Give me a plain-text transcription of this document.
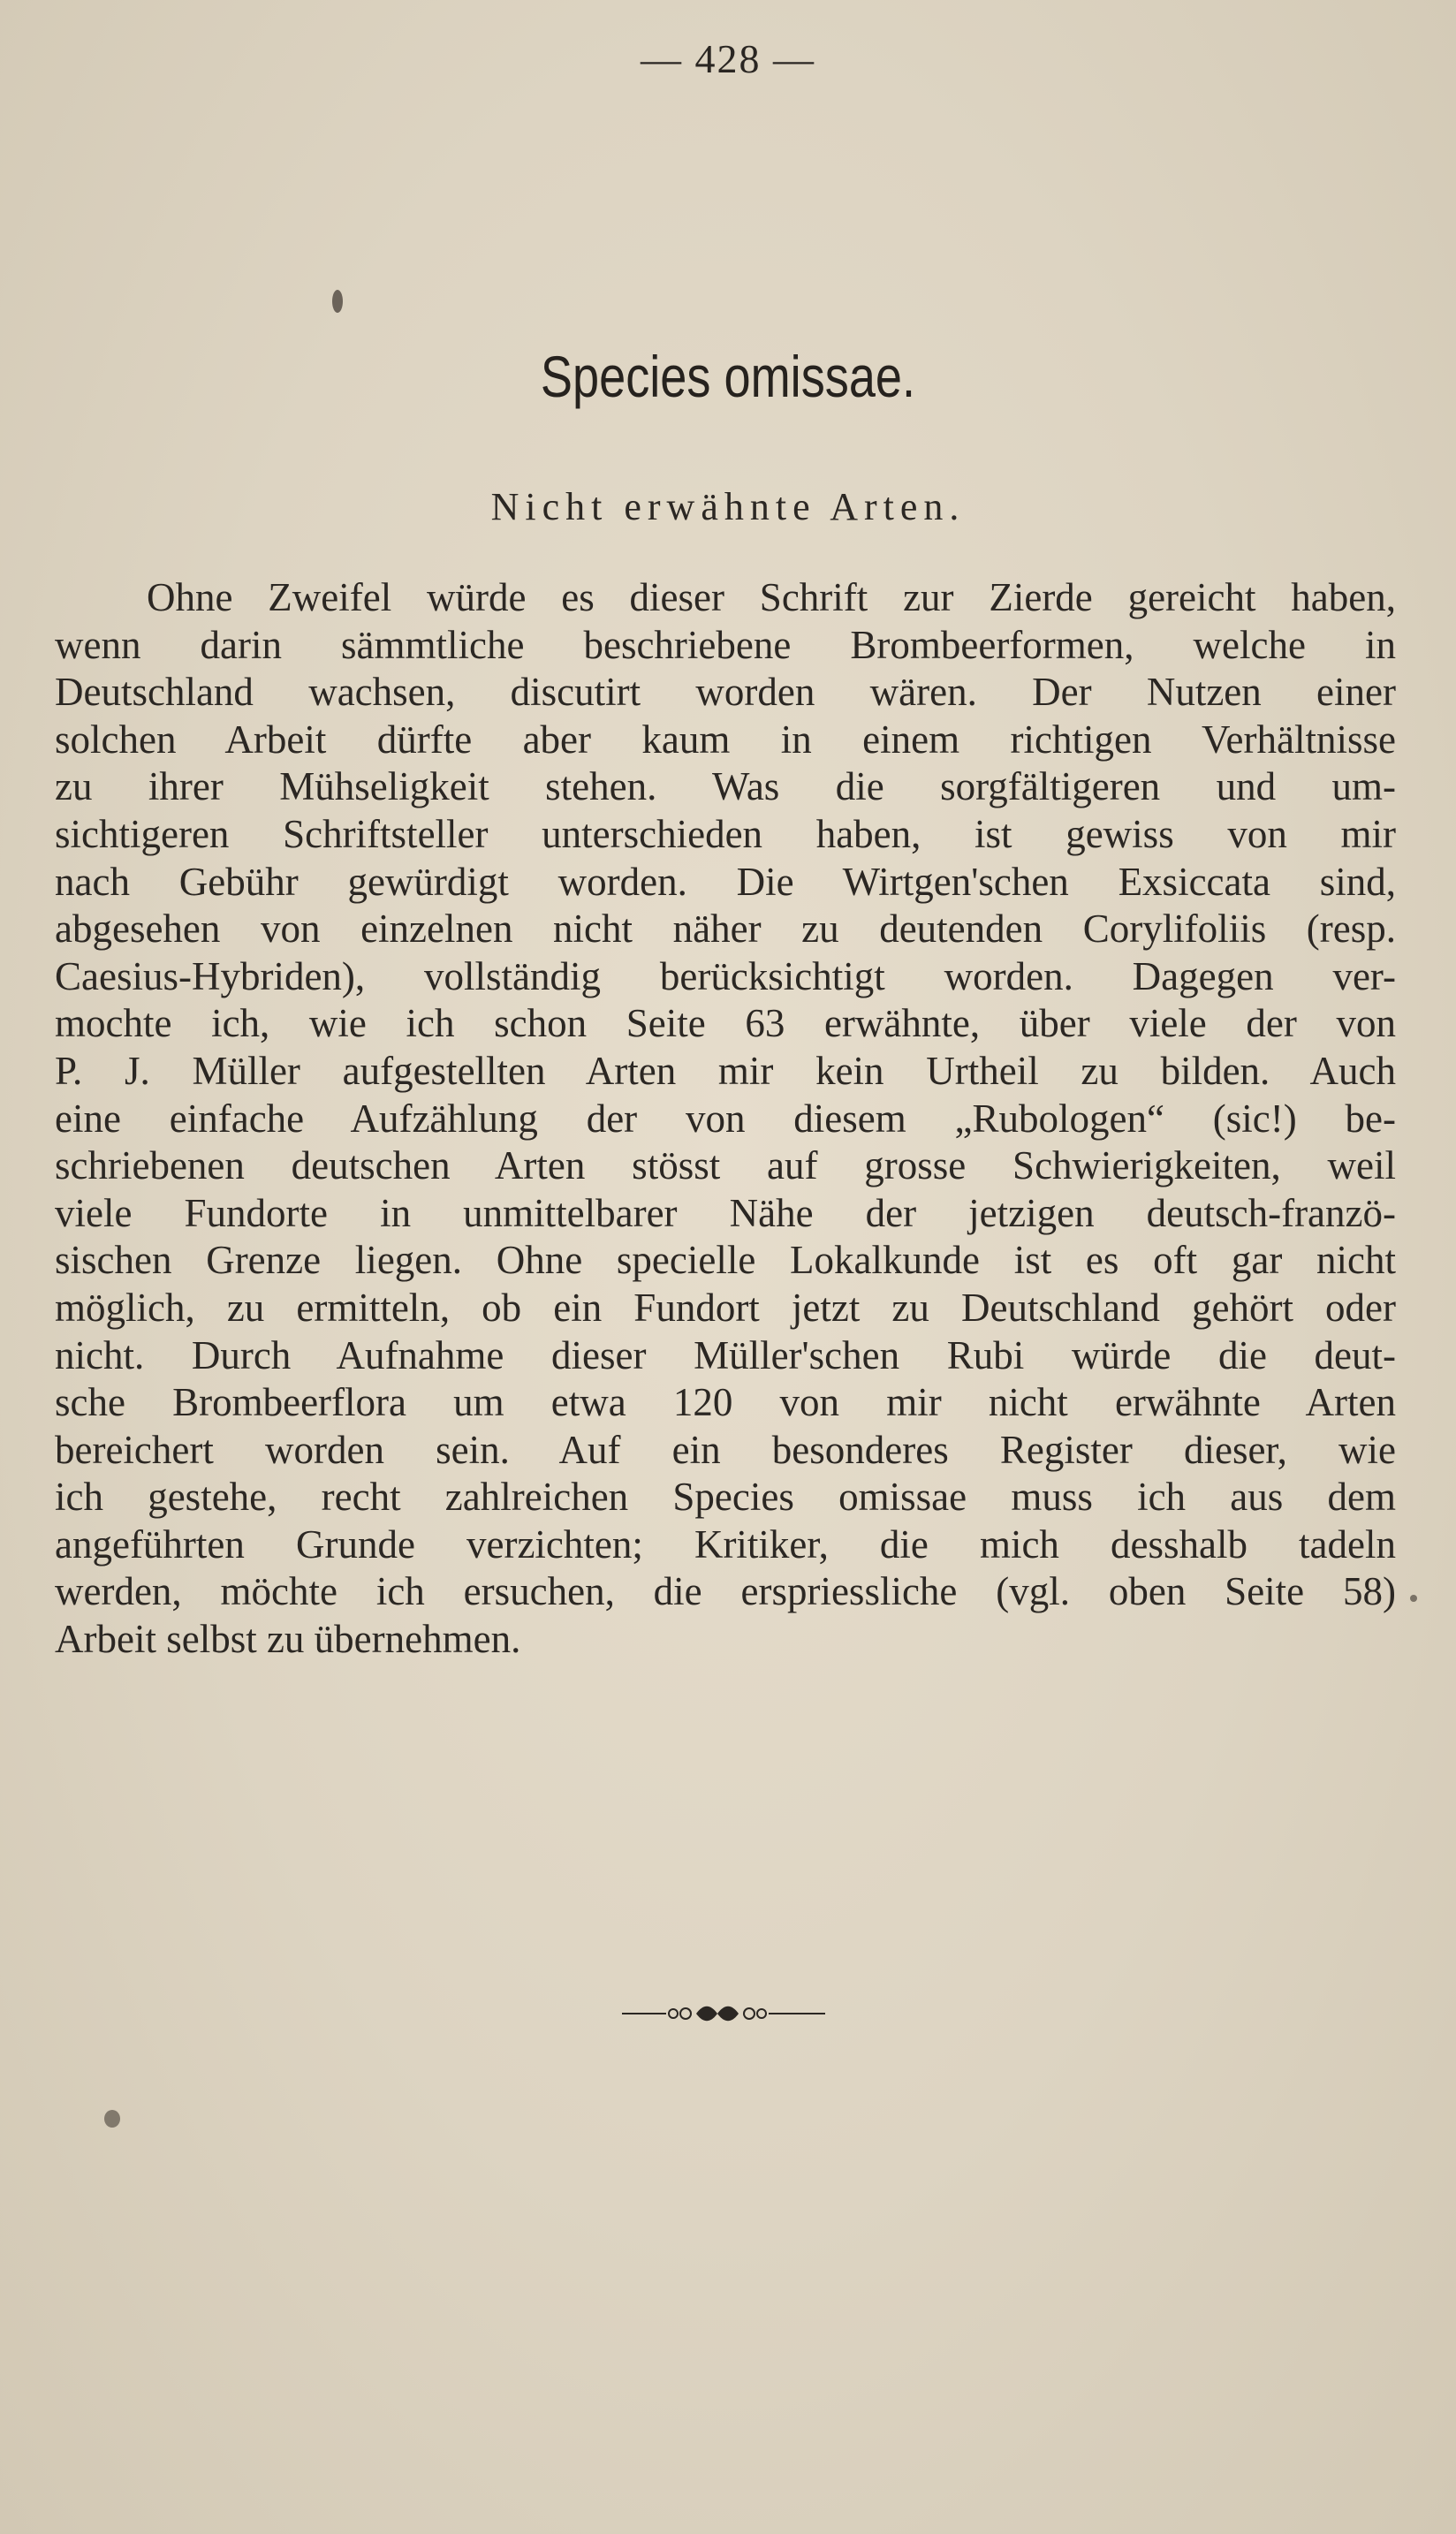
— 428 —
Species omissae.
Nicht erwähnte Arten.
Ohne Zweifel würde es dieser Schrift zur Zierde gereicht haben,
wenn darin sämmtliche beschriebene Brombeerformen, welche in
Deutschland wachsen, discutirt worden wären. Der Nutzen einer
solchen Arbeit dürfte aber kaum in einem richtigen Verhältnisse
zu ihrer Mühseligkeit stehen. Was die sorgfältigeren und um-
sichtigeren Schriftsteller unterschieden haben, ist gewiss von mir
nach Gebühr gewürdigt worden. Die Wirtgen'schen Exsiccata sind,
abgesehen von einzelnen nicht näher zu deutenden Corylifoliis (resp.
Caesius-Hybriden), vollständig berücksichtigt worden. Dagegen ver-
mochte ich, wie ich schon Seite 63 erwähnte, über viele der von
P. J. Müller aufgestellten Arten mir kein Urtheil zu bilden. Auch
eine einfache Aufzählung der von diesem „Rubologen“ (sic!) be-
schriebenen deutschen Arten stösst auf grosse Schwierigkeiten, weil
viele Fundorte in unmittelbarer Nähe der jetzigen deutsch-franzö-
sischen Grenze liegen. Ohne specielle Lokalkunde ist es oft gar nicht
möglich, zu ermitteln, ob ein Fundort jetzt zu Deutschland gehört oder
nicht. Durch Aufnahme dieser Müller'schen Rubi würde die deut-
sche Brombeerflora um etwa 120 von mir nicht erwähnte Arten
bereichert worden sein. Auf ein besonderes Register dieser, wie
ich gestehe, recht zahlreichen Species omissae muss ich aus dem
angeführten Grunde verzichten; Kritiker, die mich desshalb tadeln
werden, möchte ich ersuchen, die erspriessliche (vgl. oben Seite 58)
Arbeit selbst zu übernehmen.
